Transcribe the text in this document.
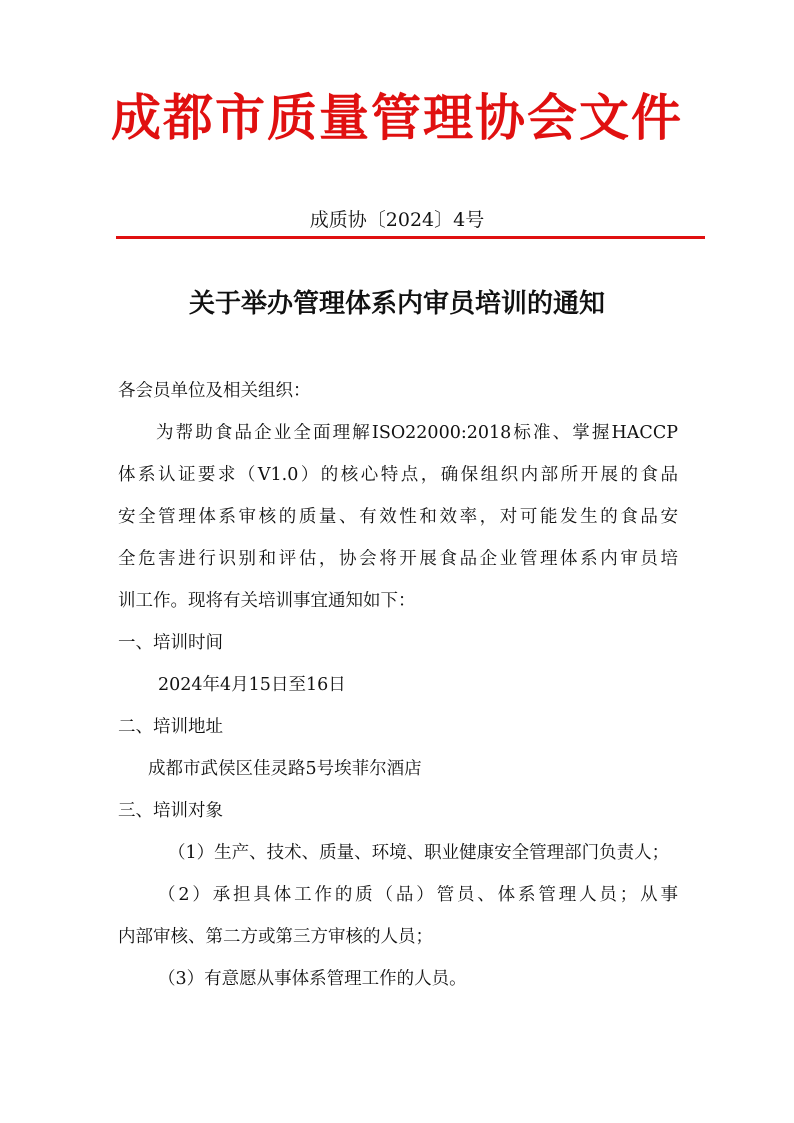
成都市质量管理协会文件
成质协〔2024〕4号
关于举办管理体系内审员培训的通知
各会员单位及相关组织：
为帮助食品企业全面理解ISO22000:2018标准、掌握HACCP
体系认证要求（V1.0）的核心特点，确保组织内部所开展的食品
安全管理体系审核的质量、有效性和效率，对可能发生的食品安
全危害进行识别和评估，协会将开展食品企业管理体系内审员培
训工作。现将有关培训事宜通知如下：
一、培训时间
2024年4月15日至16日
二、培训地址
成都市武侯区佳灵路5号埃菲尔酒店
三、培训对象
（1）生产、技术、质量、环境、职业健康安全管理部门负责人；
（2）承担具体工作的质（品）管员、体系管理人员；从事
内部审核、第二方或第三方审核的人员；
（3）有意愿从事体系管理工作的人员。
